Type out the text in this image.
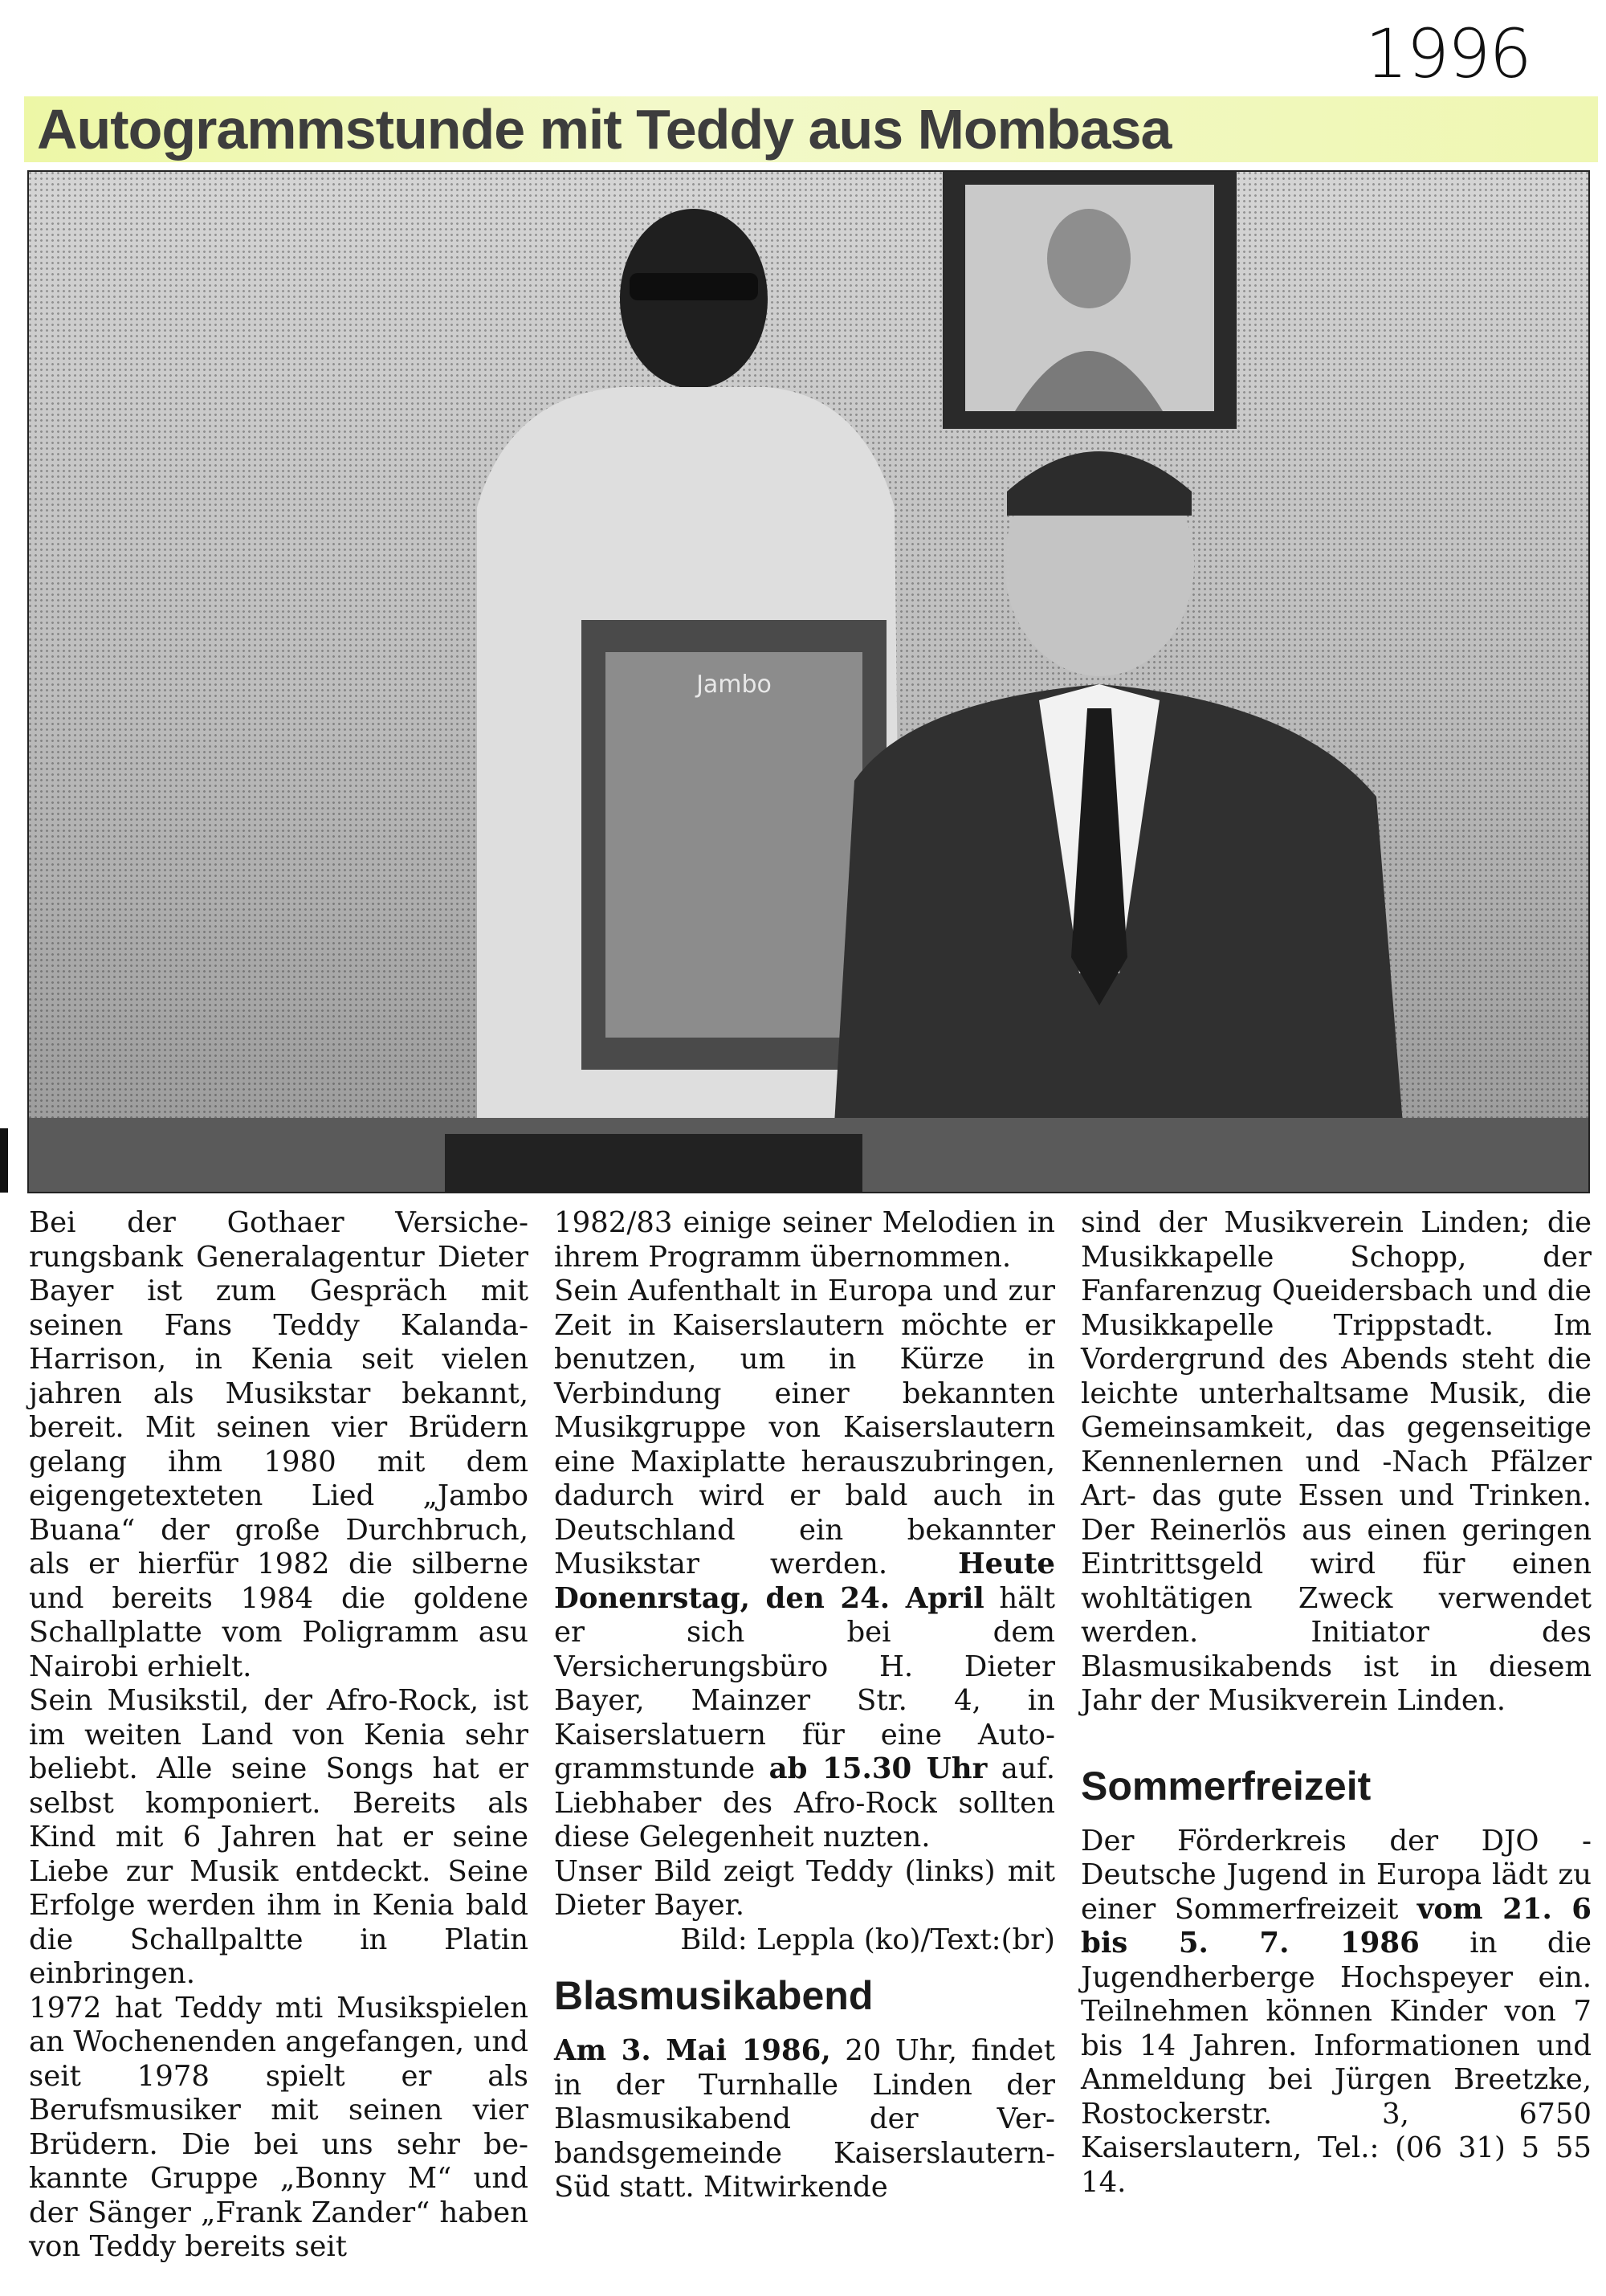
1996
Autogrammstunde mit Teddy aus Mombasa
Jambo

Bei der Gothaer Versicherungsbank Generalagentur Dieter Bayer ist zum Gespräch mit seinen Fans Teddy Kalanda-Harrison, in Kenia seit vielen jahren als Musikstar bekannt, bereit. Mit seinen vier Brüdern gelang ihm 1980 mit dem eigengetexteten Lied „Jambo Buana“ der große Durchbruch, als er hierfür 1982 die silberne und bereits 1984 die goldene Schallplatte vom Poligramm asu Nairobi erhielt.

Sein Musikstil, der Afro-Rock, ist im weiten Land von Kenia sehr beliebt. Alle seine Songs hat er selbst komponiert. Bereits als Kind mit 6 Jahren hat er seine Liebe zur Musik entdeckt. Seine Erfolge werden ihm in Kenia bald die Schallpaltte in Platin einbringen.

1972 hat Teddy mti Musikspielen an Wochenenden angefangen, und seit 1978 spielt er als Berufsmusiker mit seinen vier Brüdern. Die bei uns sehr bekannte Gruppe „Bonny M“ und der Sänger „Frank Zander“ haben von Teddy bereits seit

1982/83 einige seiner Melodien in ihrem Programm übernommen.

Sein Aufenthalt in Europa und zur Zeit in Kaiserslautern möchte er benutzen, um in Kürze in Verbindung einer bekannten Musikgruppe von Kaiserslautern eine Maxiplatte herauszubringen, dadurch wird er bald auch in Deutschland ein bekannter Musikstar werden. Heute Donenrstag, den 24. April hält er sich bei dem Versicherungsbüro H. Dieter Bayer, Mainzer Str. 4, in Kaiserslatuern für eine Autogrammstunde ab 15.30 Uhr auf. Liebhaber des Afro-Rock sollten diese Gelegenheit nuzten.

Unser Bild zeigt Teddy (links) mit Dieter Bayer.

Bild: Leppla (ko)/Text:(br)

Blasmusikabend

Am 3. Mai 1986, 20 Uhr, findet in der Turnhalle Linden der Blasmusikabend der Verbandsgemeinde Kaiserslautern-Süd statt. Mitwirkende

sind der Musikverein Linden; die Musikkapelle Schopp, der Fanfarenzug Queidersbach und die Musikkapelle Trippstadt. Im Vordergrund des Abends steht die leichte unterhaltsame Musik, die Gemeinsamkeit, das gegenseitige Kennenlernen und -Nach Pfälzer Art- das gute Essen und Trinken. Der Reinerlös aus einen geringen Eintrittsgeld wird für einen wohltätigen Zweck verwendet werden. Initiator des Blasmusikabends ist in diesem Jahr der Musikverein Linden.

Sommerfreizeit

Der Förderkreis der DJO - Deutsche Jugend in Europa lädt zu einer Sommerfreizeit vom 21. 6 bis 5. 7. 1986 in die Jugendherberge Hochspeyer ein. Teilnehmen können Kinder von 7 bis 14 Jahren. Informationen und Anmeldung bei Jürgen Breetzke, Rostockerstr. 3, 6750 Kaiserslautern, Tel.: (06 31) 5 55 14.
